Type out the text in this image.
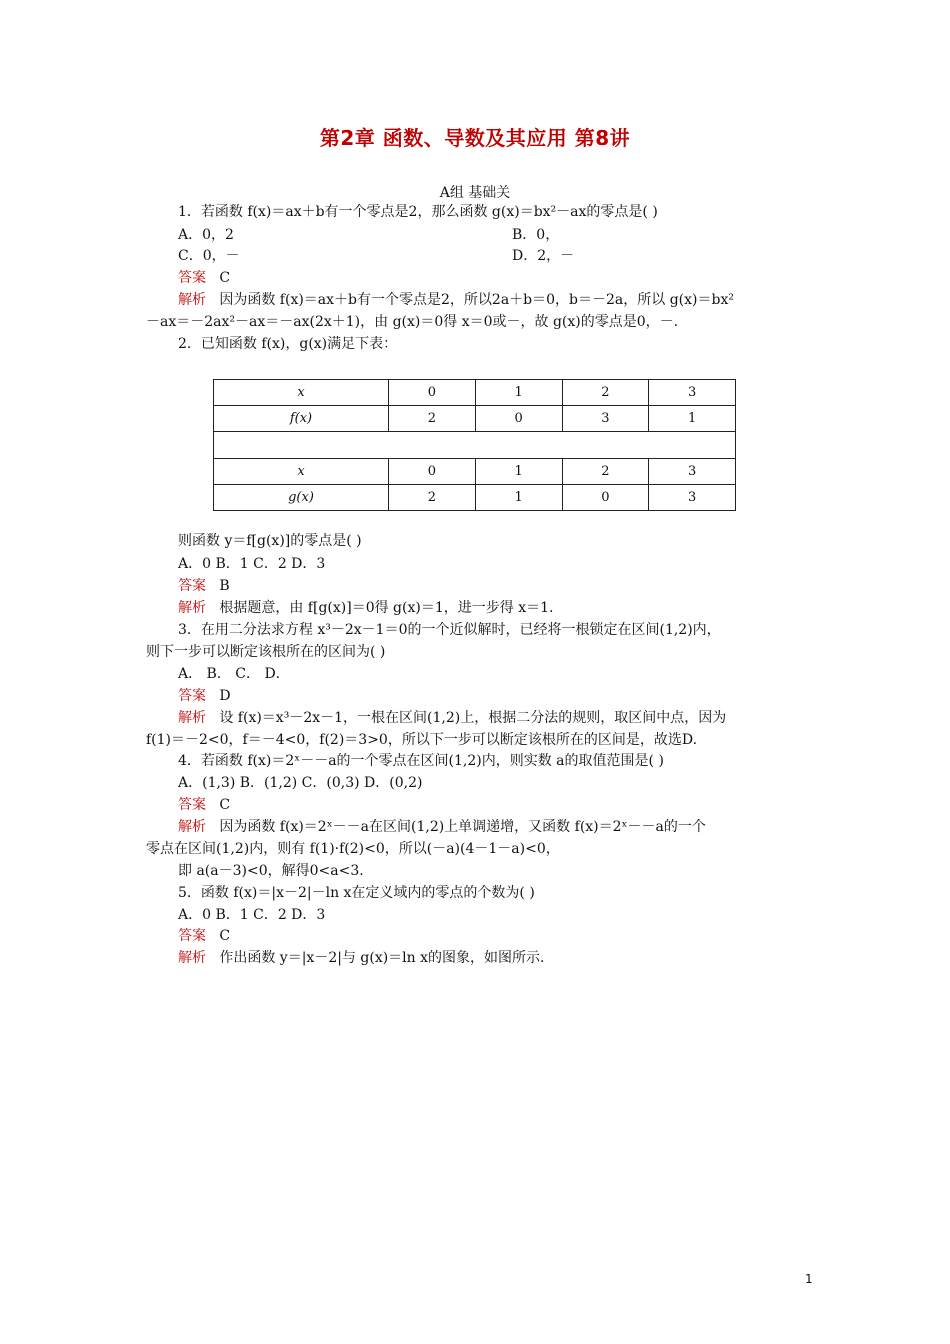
第2章 函数、导数及其应用 第8讲
A组 基础关
1．若函数 f(x)＝ax＋b有一个零点是2，那么函数 g(x)＝bx²－ax的零点是( )
A．0，2	B．0，
C．0，－	D．2，－
答案 C
解析 因为函数 f(x)＝ax＋b有一个零点是2，所以2a＋b＝0，b＝－2a，所以 g(x)＝bx²
－ax＝－2ax²－ax＝－ax(2x＋1)，由 g(x)＝0得 x＝0或－，故 g(x)的零点是0，－.
2．已知函数 f(x)，g(x)满足下表：
x	0	1	2	3
f(x)	2	0	3	1

x	0	1	2	3
g(x)	2	1	0	3
则函数 y＝f[g(x)]的零点是( )
A．0 B．1 C．2 D．3
答案 B
解析 根据题意，由 f[g(x)]＝0得 g(x)＝1，进一步得 x＝1.
3．在用二分法求方程 x³－2x－1＝0的一个近似解时，已经将一根锁定在区间(1,2)内，
则下一步可以断定该根所在的区间为( )
A． B． C． D．
答案 D
解析 设 f(x)＝x³－2x－1，一根在区间(1,2)上，根据二分法的规则，取区间中点，因为
f(1)＝－2<0，f＝－4<0，f(2)＝3>0，所以下一步可以断定该根所在的区间是，故选D.
4．若函数 f(x)＝2ˣ－－a的一个零点在区间(1,2)内，则实数 a的取值范围是( )
A．(1,3) B．(1,2) C．(0,3) D．(0,2)
答案 C
解析 因为函数 f(x)＝2ˣ－－a在区间(1,2)上单调递增，又函数 f(x)＝2ˣ－－a的一个
零点在区间(1,2)内，则有 f(1)·f(2)<0，所以(－a)(4－1－a)<0，
即 a(a－3)<0，解得0<a<3.
5．函数 f(x)＝|x－2|－ln x在定义域内的零点的个数为( )
A．0 B．1 C．2 D．3
答案 C
解析 作出函数 y＝|x－2|与 g(x)＝ln x的图象，如图所示.
1
